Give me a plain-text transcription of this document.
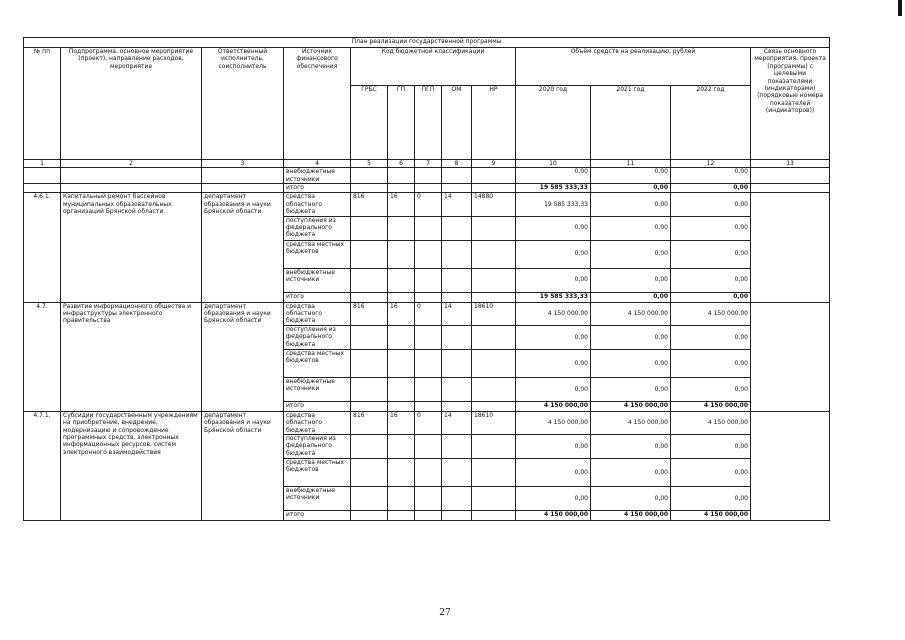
План реализации государственной программы												
№ пп	Подпрограмма, основное мероприятие (проект), направление расходов, мероприятие	Ответственный исполнитель, соисполнитель	Источник финансового обеспечения	Код бюджетной классификации					Объём средств на реализацию, рублей			Связь основного мероприятия, проекта (программы) с целевыми показателями (индикаторами) (порядковые номера показателей (индикаторов))
				ГРБС	ГП	ПГП	ОМ	НР	2020 год	2021 год	2022 год	
1	2	3	4	5	6	7	8	9	10	11	12	13
			внебюджетные источники						0,00	0,00	0,00	
			итого						19 585 333,33	0,00	0,00	
4.6.1.	Капитальный ремонт бассейнов муниципальных образовательных организаций Брянской области	департамент образования и науки Брянской области	средства областного бюджета	816	16	0	14	14880	19 585 333,33	0,00	0,00	
			поступления из федерального бюджета						0,00	0,00	0,00	
			средства местных бюджетов						0,00	0,00	0,00	
			внебюджетные источники						0,00	0,00	0,00	
			итого						19 585 333,33	0,00	0,00	
4.7.	Развитие информационного общества и инфраструктуры электронного правительства	департамент образования и науки Брянской области	средства областного бюджета	816	16	0	14	18610	4 150 000,00	4 150 000,00	4 150 000,00	
			поступления из федерального бюджета						0,00	0,00	0,00	
			средства местных бюджетов						0,00	0,00	0,00	
			внебюджетные источники						0,00	0,00	0,00	
			итого						4 150 000,00	4 150 000,00	4 150 000,00	
4.7.1.	Субсидии государственным учреждениям на приобретение, внедрение, модернизацию и сопровождение программных средств, электронных информационных ресурсов, систем электронного взаимодействия	департамент образования и науки Брянской области	средства областного бюджета	816	16	0	14	18610	4 150 000,00	4 150 000,00	4 150 000,00	
			поступления из федерального бюджета						0,00	0,00	0,00	
			средства местных бюджетов						0,00	0,00	0,00	
			внебюджетные источники						0,00	0,00	0,00	
			итого						4 150 000,00	4 150 000,00	4 150 000,00	
27
